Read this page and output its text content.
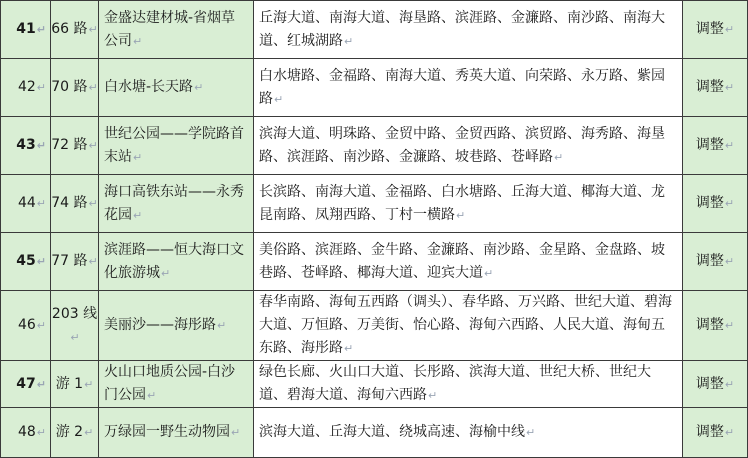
41↵	66 路↵	金盛达建材城-省烟草公司↵	丘海大道、南海大道、海垦路、滨涯路、金濂路、南沙路、南海大道、红城湖路↵	调整↵
42↵	70 路↵	白水塘-长天路↵	白水塘路、金福路、南海大道、秀英大道、向荣路、永万路、紫园路↵	调整↵
43↵	72 路↵	世纪公园——学院路首末站↵	滨海大道、明珠路、金贸中路、金贸西路、滨贸路、海秀路、海垦路、滨涯路、南沙路、金濂路、坡巷路、苍峄路↵	调整↵
44↵	74 路↵	海口高铁东站——永秀花园↵	长滨路、南海大道、金福路、白水塘路、丘海大道、椰海大道、龙昆南路、凤翔西路、丁村一横路↵	调整↵
45↵	77 路↵	滨涯路——恒大海口文化旅游城↵	美俗路、滨涯路、金牛路、金濂路、南沙路、金星路、金盘路、坡巷路、苍峄路、椰海大道、迎宾大道↵	调整↵
46↵	203 线↵	美丽沙——海彤路↵	春华南路、海甸五西路（调头）、春华路、万兴路、世纪大道、碧海大道、万恒路、万美街、怡心路、海甸六西路、人民大道、海甸五东路、海彤路↵	调整↵
47↵	游 1↵	火山口地质公园-白沙门公园↵	绿色长廊、火山口大道、长彤路、滨海大道、世纪大桥、世纪大道、碧海大道、海甸六西路↵	调整↵
48↵	游 2↵	万绿园一野生动物园↵	滨海大道、丘海大道、绕城高速、海榆中线↵	调整↵
